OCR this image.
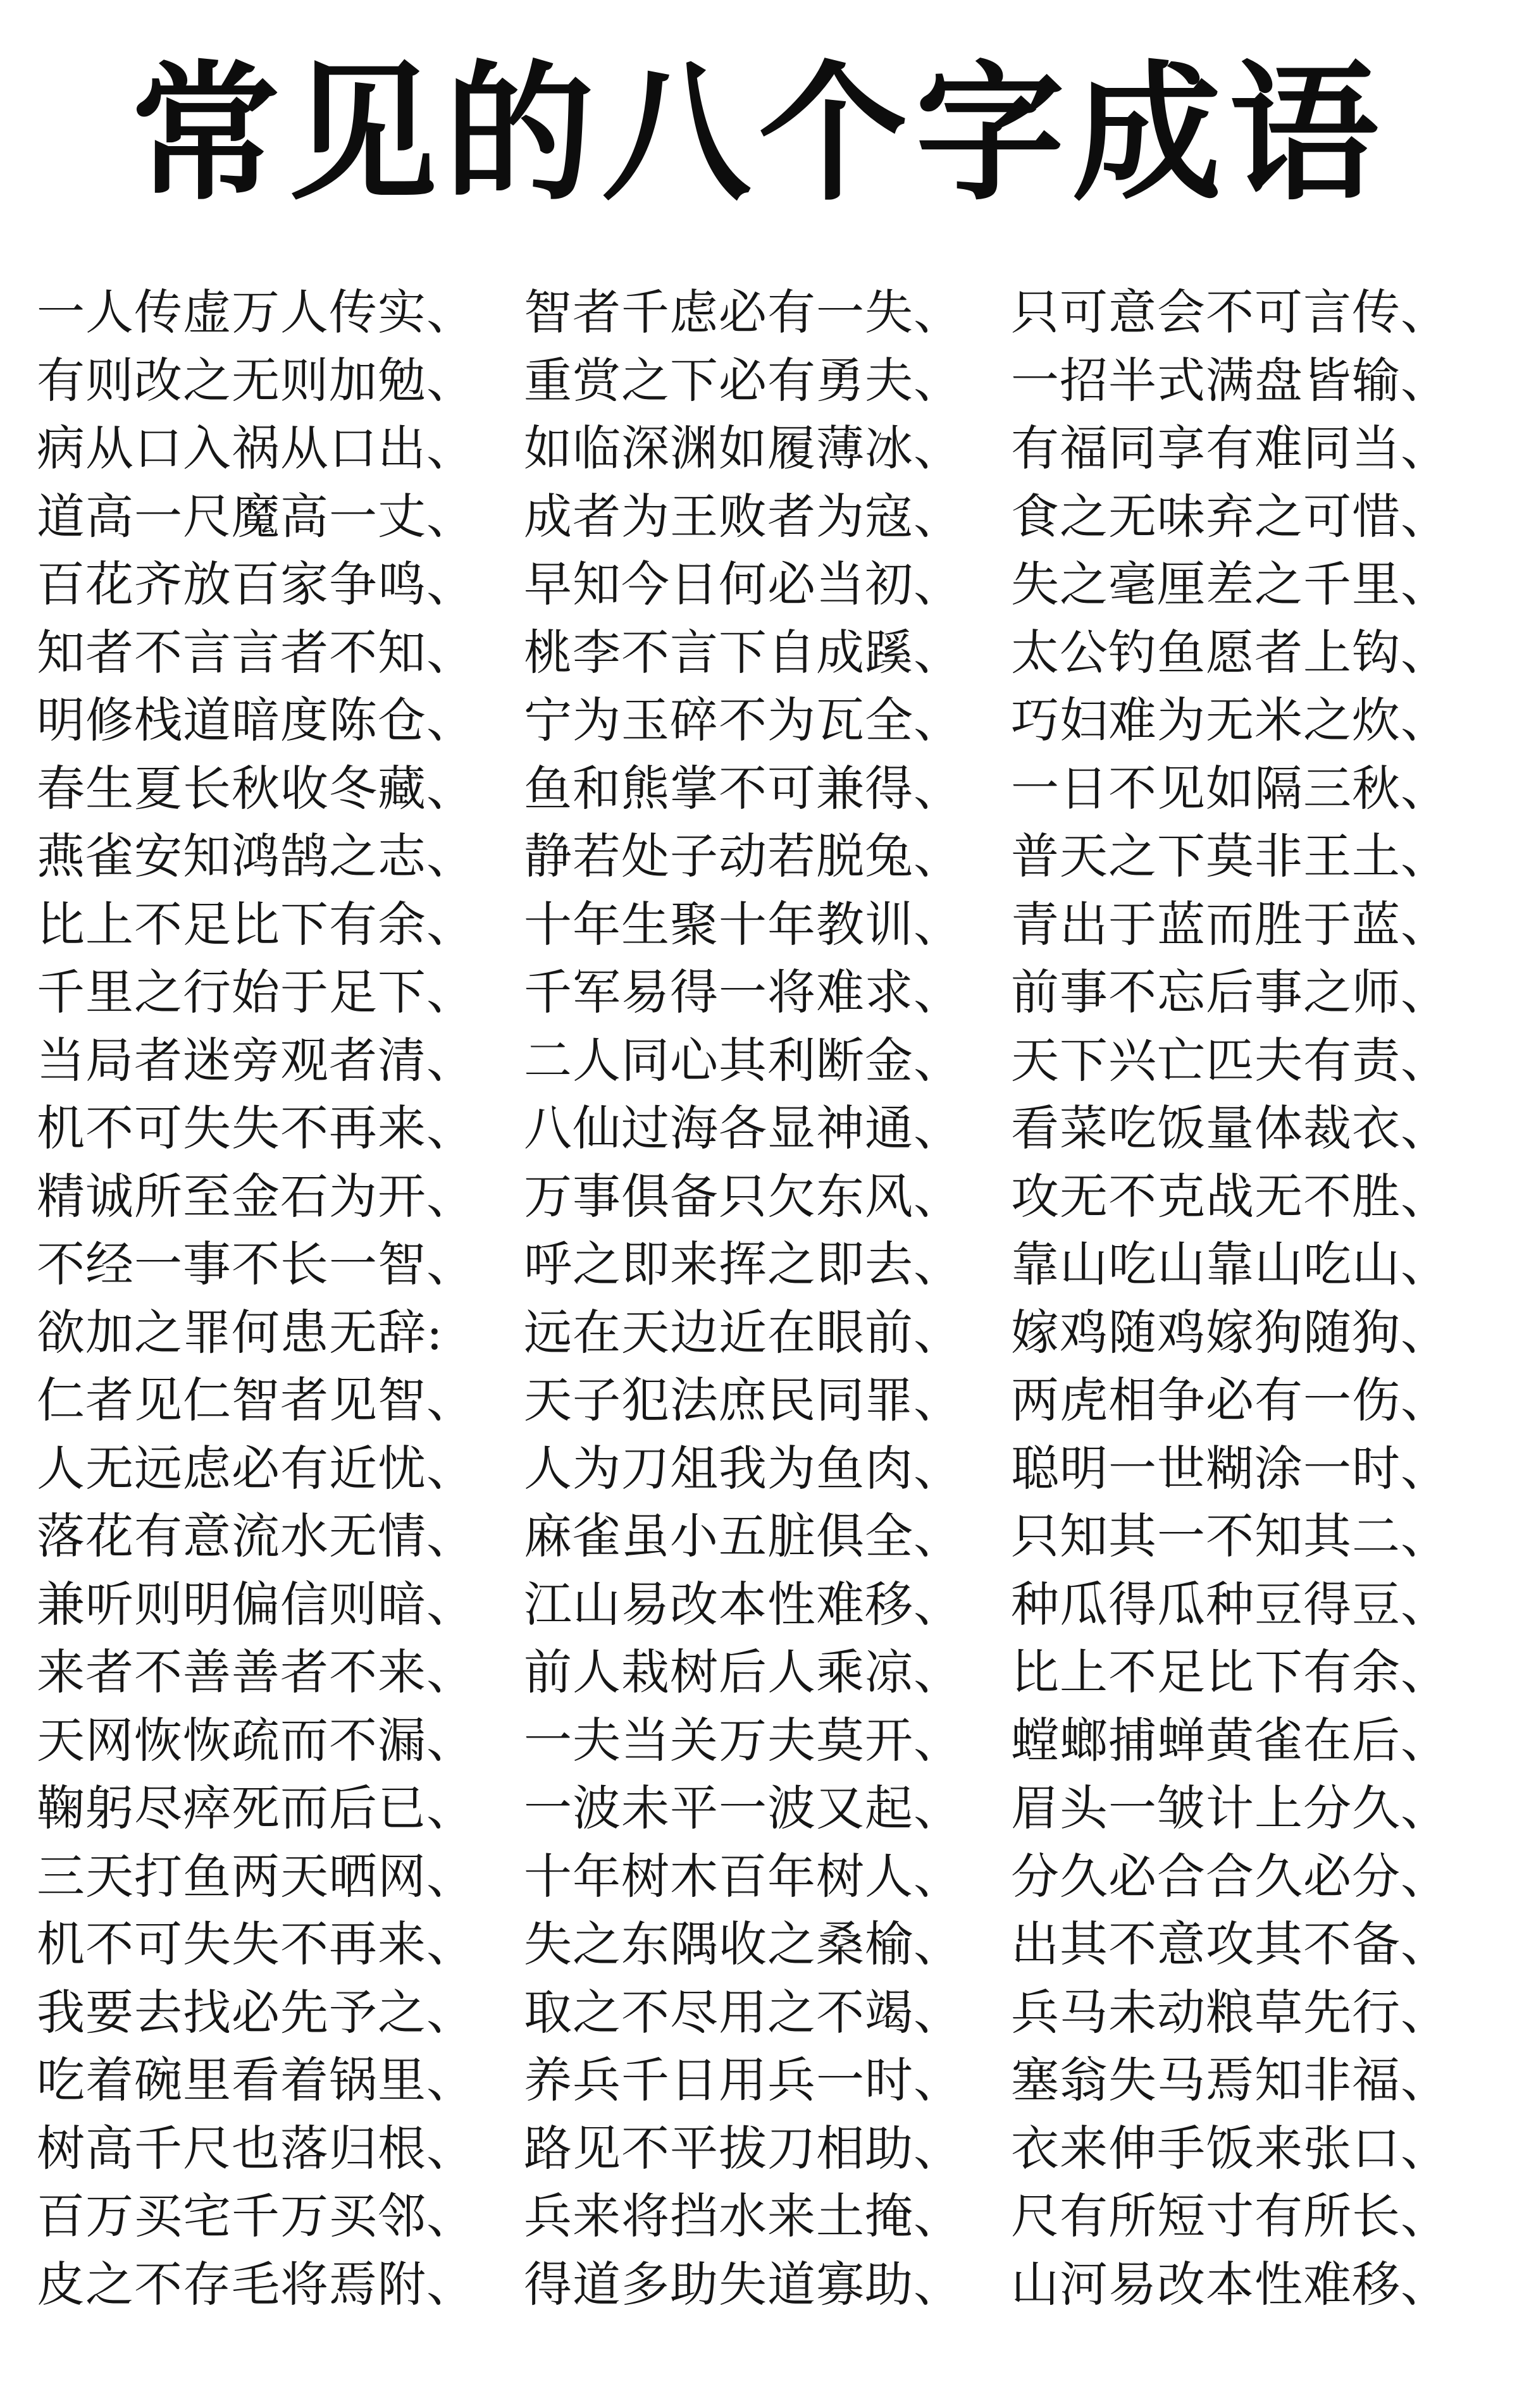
常见的八个字成语
一人传虚万人传实、	智者千虑必有一失、	只可意会不可言传、
有则改之无则加勉、	重赏之下必有勇夫、	一招半式满盘皆输、
病从口入祸从口出、	如临深渊如履薄冰、	有福同享有难同当、
道高一尺魔高一丈、	成者为王败者为寇、	食之无味弃之可惜、
百花齐放百家争鸣、	早知今日何必当初、	失之毫厘差之千里、
知者不言言者不知、	桃李不言下自成蹊、	太公钓鱼愿者上钩、
明修栈道暗度陈仓、	宁为玉碎不为瓦全、	巧妇难为无米之炊、
春生夏长秋收冬藏、	鱼和熊掌不可兼得、	一日不见如隔三秋、
燕雀安知鸿鹄之志、	静若处子动若脱兔、	普天之下莫非王土、
比上不足比下有余、	十年生聚十年教训、	青出于蓝而胜于蓝、
千里之行始于足下、	千军易得一将难求、	前事不忘后事之师、
当局者迷旁观者清、	二人同心其利断金、	天下兴亡匹夫有责、
机不可失失不再来、	八仙过海各显神通、	看菜吃饭量体裁衣、
精诚所至金石为开、	万事俱备只欠东风、	攻无不克战无不胜、
不经一事不长一智、	呼之即来挥之即去、	靠山吃山靠山吃山、
欲加之罪何患无辞:	远在天边近在眼前、	嫁鸡随鸡嫁狗随狗、
仁者见仁智者见智、	天子犯法庶民同罪、	两虎相争必有一伤、
人无远虑必有近忧、	人为刀俎我为鱼肉、	聪明一世糊涂一时、
落花有意流水无情、	麻雀虽小五脏俱全、	只知其一不知其二、
兼听则明偏信则暗、	江山易改本性难移、	种瓜得瓜种豆得豆、
来者不善善者不来、	前人栽树后人乘凉、	比上不足比下有余、
天网恢恢疏而不漏、	一夫当关万夫莫开、	螳螂捕蝉黄雀在后、
鞠躬尽瘁死而后已、	一波未平一波又起、	眉头一皱计上分久、
三天打鱼两天晒网、	十年树木百年树人、	分久必合合久必分、
机不可失失不再来、	失之东隅收之桑榆、	出其不意攻其不备、
我要去找必先予之、	取之不尽用之不竭、	兵马未动粮草先行、
吃着碗里看着锅里、	养兵千日用兵一时、	塞翁失马焉知非福、
树高千尺也落归根、	路见不平拔刀相助、	衣来伸手饭来张口、
百万买宅千万买邻、	兵来将挡水来土掩、	尺有所短寸有所长、
皮之不存毛将焉附、	得道多助失道寡助、	山河易改本性难移、
